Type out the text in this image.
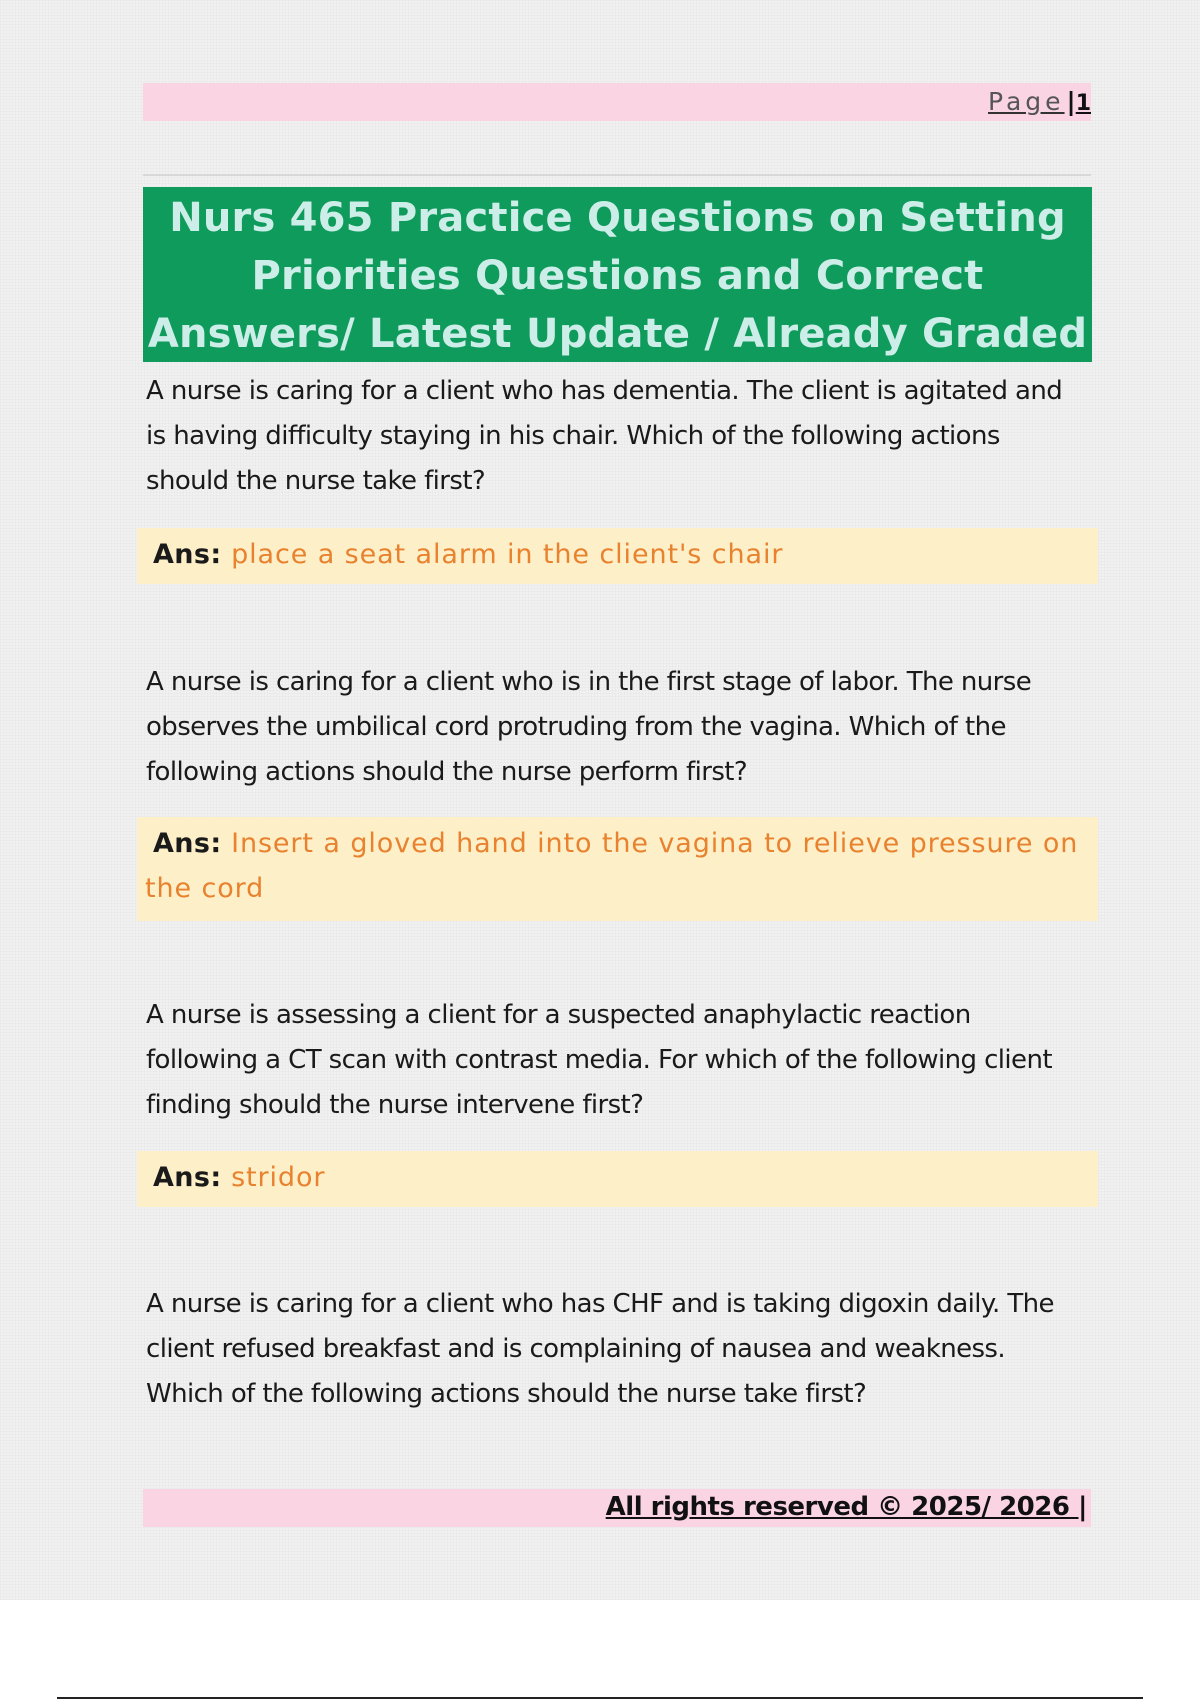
Page | 1
Nurs 465 Practice Questions on Setting Priorities Questions and Correct Answers/ Latest Update / Already Graded
A nurse is caring for a client who has dementia. The client is agitated and is having difficulty staying in his chair. Which of the following actions should the nurse take first?
Ans: place a seat alarm in the client's chair
A nurse is caring for a client who is in the first stage of labor. The nurse observes the umbilical cord protruding from the vagina. Which of the following actions should the nurse perform first?
Ans: Insert a gloved hand into the vagina to relieve pressure on the cord
A nurse is assessing a client for a suspected anaphylactic reaction following a CT scan with contrast media. For which of the following client finding should the nurse intervene first?
Ans: stridor
A nurse is caring for a client who has CHF and is taking digoxin daily. The client refused breakfast and is complaining of nausea and weakness. Which of the following actions should the nurse take first?
All rights reserved © 2025/ 2026 |
